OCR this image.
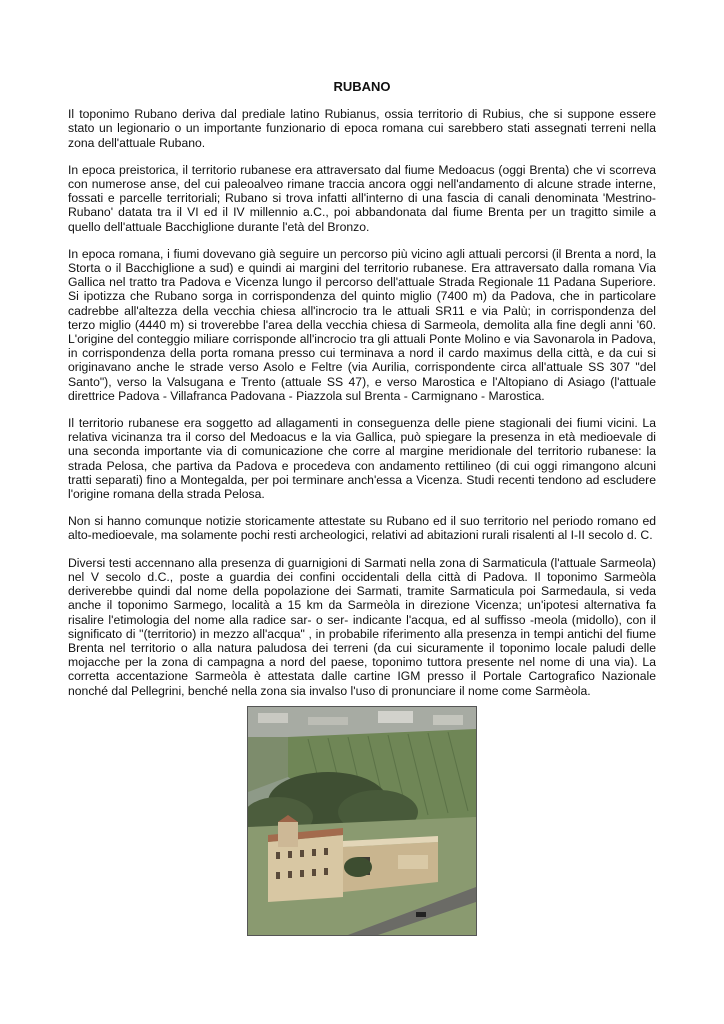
RUBANO

Il toponimo Rubano deriva dal prediale latino Rubianus, ossia territorio di Rubius, che si suppone essere stato un legionario o un importante funzionario di epoca romana cui sarebbero stati assegnati terreni nella zona dell'attuale Rubano.

In epoca preistorica, il territorio rubanese era attraversato dal fiume Medoacus (oggi Brenta) che vi scorreva con numerose anse, del cui paleoalveo rimane traccia ancora oggi nell'andamento di alcune strade interne, fossati e parcelle territoriali; Rubano si trova infatti all'interno di una fascia di canali denominata 'Mestrino-Rubano' datata tra il VI ed il IV millennio a.C., poi abbandonata dal fiume Brenta per un tragitto simile a quello dell'attuale Bacchiglione durante l'età del Bronzo.

In epoca romana, i fiumi dovevano già seguire un percorso più vicino agli attuali percorsi (il Brenta a nord, la Storta o il Bacchiglione a sud) e quindi ai margini del territorio rubanese. Era attraversato dalla romana Via Gallica nel tratto tra Padova e Vicenza lungo il percorso dell'attuale Strada Regionale 11 Padana Superiore. Si ipotizza che Rubano sorga in corrispondenza del quinto miglio (7400 m) da Padova, che in particolare cadrebbe all'altezza della vecchia chiesa all'incrocio tra le attuali SR11 e via Palù; in corrispondenza del terzo miglio (4440 m) si troverebbe l'area della vecchia chiesa di Sarmeola, demolita alla fine degli anni '60. L'origine del conteggio miliare corrisponde all'incrocio tra gli attuali Ponte Molino e via Savonarola in Padova, in corrispondenza della porta romana presso cui terminava a nord il cardo maximus della città, e da cui si originavano anche le strade verso Asolo e Feltre (via Aurilia, corrispondente circa all'attuale SS 307 "del Santo"), verso la Valsugana e Trento (attuale SS 47), e verso Marostica e l'Altopiano di Asiago (l'attuale direttrice Padova - Villafranca Padovana - Piazzola sul Brenta - Carmignano - Marostica.

Il territorio rubanese era soggetto ad allagamenti in conseguenza delle piene stagionali dei fiumi vicini. La relativa vicinanza tra il corso del Medoacus e la via Gallica, può spiegare la presenza in età medioevale di una seconda importante via di comunicazione che corre al margine meridionale del territorio rubanese: la strada Pelosa, che partiva da Padova e procedeva con andamento rettilineo (di cui oggi rimangono alcuni tratti separati) fino a Montegalda, per poi terminare anch'essa a Vicenza. Studi recenti tendono ad escludere l'origine romana della strada Pelosa.

Non si hanno comunque notizie storicamente attestate su Rubano ed il suo territorio nel periodo romano ed alto-medioevale, ma solamente pochi resti archeologici, relativi ad abitazioni rurali risalenti al I-II secolo d. C.

Diversi testi accennano alla presenza di guarnigioni di Sarmati nella zona di Sarmaticula (l'attuale Sarmeola) nel V secolo d.C., poste a guardia dei confini occidentali della città di Padova. Il toponimo Sarmeòla deriverebbe quindi dal nome della popolazione dei Sarmati, tramite Sarmaticula poi Sarmedaula, si veda anche il toponimo Sarmego, località a 15 km da Sarmeòla in direzione Vicenza; un'ipotesi alternativa fa risalire l'etimologia del nome alla radice sar- o ser- indicante l'acqua, ed al suffisso -meola (midollo), con il significato di "(territorio) in mezzo all'acqua" , in probabile riferimento alla presenza in tempi antichi del fiume Brenta nel territorio o alla natura paludosa dei terreni (da cui sicuramente il toponimo locale paludi delle mojacche per la zona di campagna a nord del paese, toponimo tuttora presente nel nome di una via). La corretta accentazione Sarmeòla è attestata dalle cartine IGM presso il Portale Cartografico Nazionale nonché dal Pellegrini, benché nella zona sia invalso l'uso di pronunciare il nome come Sarmèola.
